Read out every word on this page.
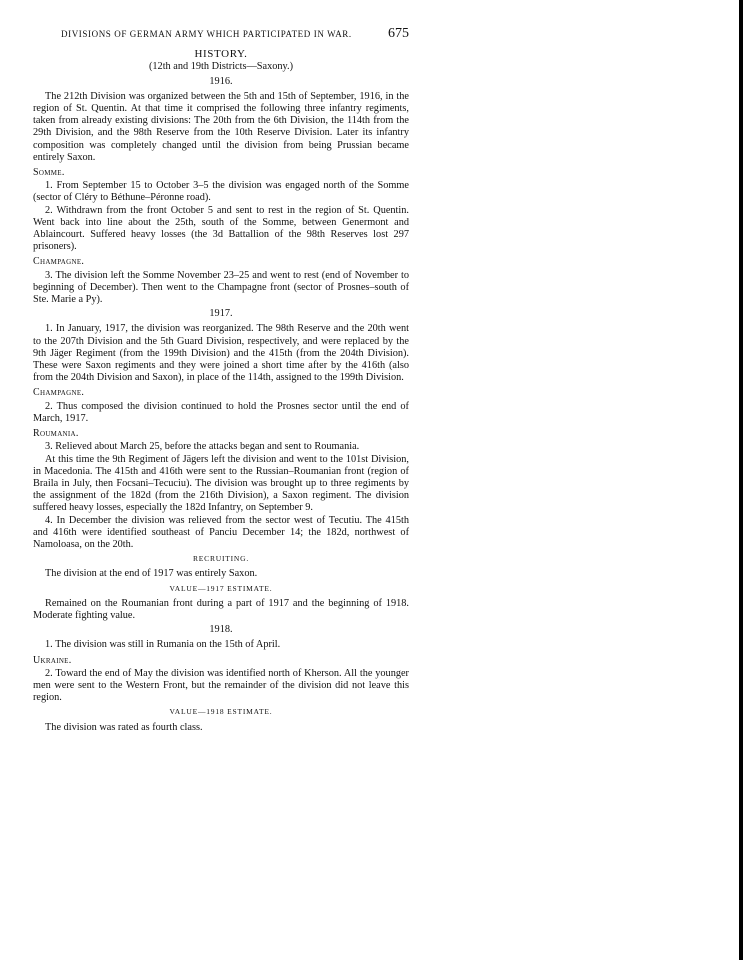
DIVISIONS OF GERMAN ARMY WHICH PARTICIPATED IN WAR.	675
HISTORY.
(12th and 19th Districts—Saxony.)
1916.

The 212th Division was organized between the 5th and 15th of September, 1916, in the region of St. Quentin. At that time it comprised the following three infantry regiments, taken from already existing divisions: The 20th from the 6th Division, the 114th from the 29th Division, and the 98th Reserve from the 10th Reserve Division. Later its infantry composition was completely changed until the division from being Prussian became entirely Saxon.

Somme.

1. From September 15 to October 3–5 the division was engaged north of the Somme (sector of Cléry to Béthune–Péronne road).

2. Withdrawn from the front October 5 and sent to rest in the region of St. Quentin. Went back into line about the 25th, south of the Somme, between Genermont and Ablaincourt. Suffered heavy losses (the 3d Battallion of the 98th Reserves lost 297 prisoners).

Champagne.

3. The division left the Somme November 23–25 and went to rest (end of November to beginning of December). Then went to the Champagne front (sector of Prosnes–south of Ste. Marie a Py).

1917.

1. In January, 1917, the division was reorganized. The 98th Reserve and the 20th went to the 207th Division and the 5th Guard Division, respectively, and were replaced by the 9th Jäger Regiment (from the 199th Division) and the 415th (from the 204th Division). These were Saxon regiments and they were joined a short time after by the 416th (also from the 204th Division and Saxon), in place of the 114th, assigned to the 199th Division.

Champagne.

2. Thus composed the division continued to hold the Prosnes sector until the end of March, 1917.

Roumania.

3. Relieved about March 25, before the attacks began and sent to Roumania.

At this time the 9th Regiment of Jägers left the division and went to the 101st Division, in Macedonia. The 415th and 416th were sent to the Russian–Roumanian front (region of Braila in July, then Focsani–Tecuciu). The division was brought up to three regiments by the assignment of the 182d (from the 216th Division), a Saxon regiment. The division suffered heavy losses, especially the 182d Infantry, on September 9.

4. In December the division was relieved from the sector west of Tecutiu. The 415th and 416th were identified southeast of Panciu December 14; the 182d, northwest of Namoloasa, on the 20th.

RECRUITING.

The division at the end of 1917 was entirely Saxon.

VALUE—1917 ESTIMATE.

Remained on the Roumanian front during a part of 1917 and the beginning of 1918. Moderate fighting value.

1918.

1. The division was still in Rumania on the 15th of April.

Ukraine.

2. Toward the end of May the division was identified north of Kherson. All the younger men were sent to the Western Front, but the remainder of the division did not leave this region.

VALUE—1918 ESTIMATE.

The division was rated as fourth class.
